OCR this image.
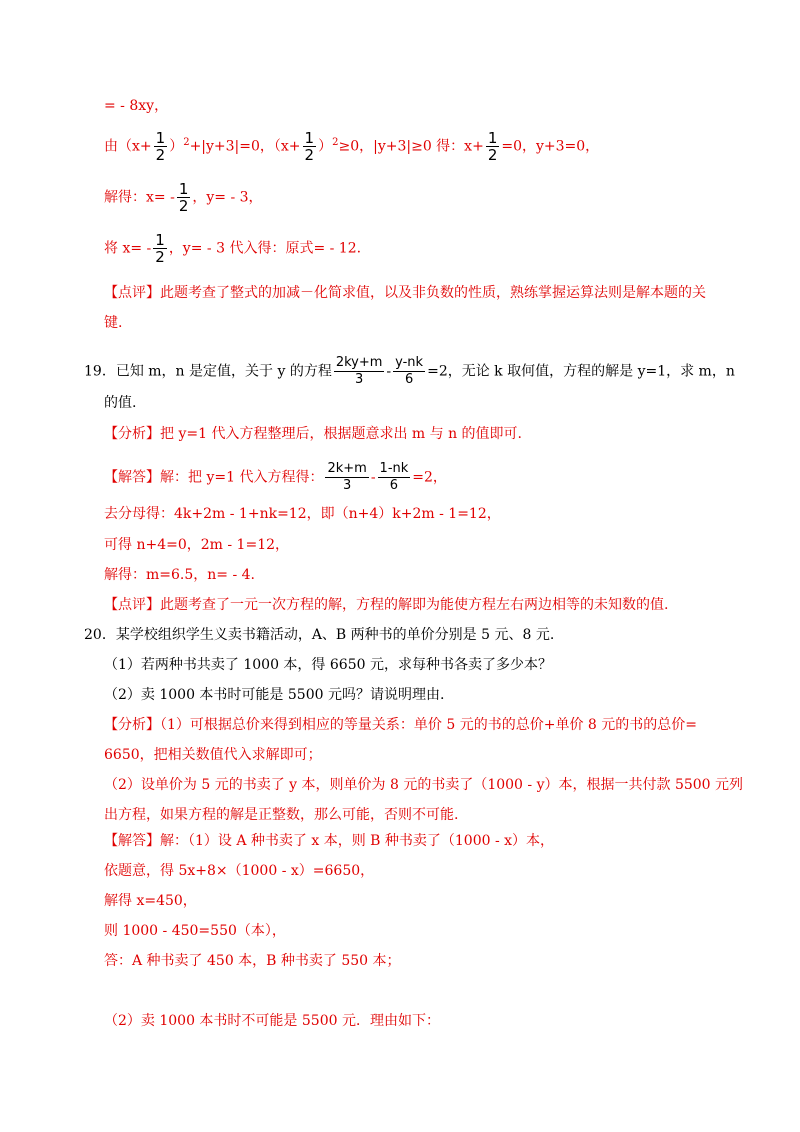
= - 8xy，
由$(x+ \frac{1}{2} )^2+|y+3|=0$，$(x+ \frac{1}{2} )^2\ge 0$，|y+3|≥0 得：$x+ \frac{1}{2} =0$，y+3=0，
解得：$x= - \frac{1}{2}$ ，y= - 3，
将 $x= - \frac{1}{2}$ ，y= - 3 代入得：原式= - 12.
【点评】此题考查了整式的加减－化简求值，以及非负数的性质，熟练掌握运算法则是解本题的关
键.
19．已知 m，n 是定值，关于 y 的方程 $\frac{2ky+m}{3} - \frac{y-nk}{6} =2$，无论 k 取何值，方程的解是 y=1，求 m，n
的值.
【分析】把 y=1 代入方程整理后，根据题意求出 m 与 n 的值即可.
【解答】解：把 y=1 代入方程得： $\frac{2k+m}{3} - \frac{1-nk}{6} =2$，
去分母得：4k+2m - 1+nk=12，即（n+4）k+2m - 1=12，
可得 n+4=0，2m - 1=12，
解得：m=6.5，n= - 4.
【点评】此题考查了一元一次方程的解，方程的解即为能使方程左右两边相等的未知数的值.
20．某学校组织学生义卖书籍活动，A、B 两种书的单价分别是 5 元、8 元.
（1）若两种书共卖了 1000 本，得 6650 元，求每种书各卖了多少本？
（2）卖 1000 本书时可能是 5500 元吗？请说明理由.
【分析】（1）可根据总价来得到相应的等量关系：单价 5 元的书的总价+单价 8 元的书的总价=
6650，把相关数值代入求解即可；
（2）设单价为 5 元的书卖了 y 本，则单价为 8 元的书卖了（1000 - y）本，根据一共付款 5500 元列
出方程，如果方程的解是正整数，那么可能，否则不可能.
【解答】解：（1）设 A 种书卖了 x 本，则 B 种书卖了（1000 - x）本，
依题意，得 5x+8×（1000 - x）=6650，
解得 x=450，
则 1000 - 450=550（本），
答：A 种书卖了 450 本，B 种书卖了 550 本；
（2）卖 1000 本书时不可能是 5500 元．理由如下：
